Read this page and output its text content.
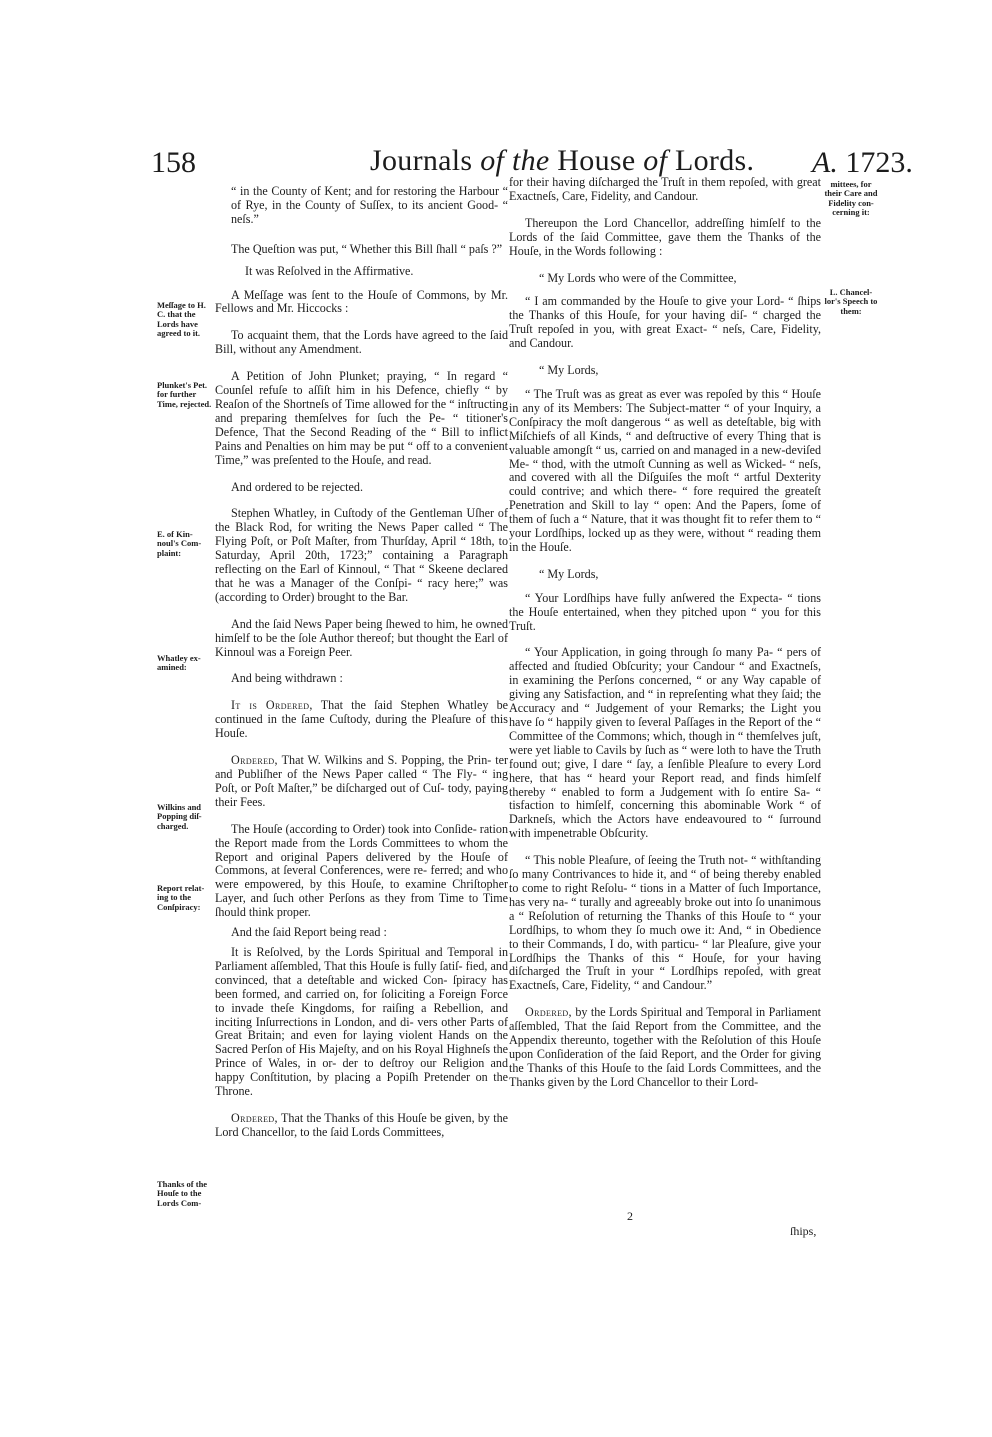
158	Journals of the House of Lords. A. 1723.
Meſſage to H. C. that the Lords have agreed to it.
Plunket's Pet. for further Time, rejected.
E. of Kin- noul's Com- plaint:
Whatley ex- amined:
Wilkins and Popping diſ- charged.
Report relat- ing to the Conſpiracy:
Thanks of the Houſe to the Lords Com-
mittees, for their Care and Fidelity con- cerning it:
L. Chancel- lor's Speech to them:

“ in the County of Kent; and for restoring the Harbour “ of Rye, in the County of Suſſex, to its ancient Good- “ neſs.”

The Queſtion was put, “ Whether this Bill ſhall “ paſs ?”

It was Reſolved in the Affirmative.

A Meſſage was ſent to the Houſe of Commons, by Mr. Fellows and Mr. Hiccocks :

To acquaint them, that the Lords have agreed to the ſaid Bill, without any Amendment.

A Petition of John Plunket; praying, “ In regard “ Counſel refuſe to aſſiſt him in his Defence, chiefly “ by Reaſon of the Shortneſs of Time allowed for the “ inſtructing and preparing themſelves for ſuch the Pe- “ titioner's Defence, That the Second Reading of the “ Bill to inflict Pains and Penalties on him may be put “ off to a convenient Time,” was preſented to the Houſe, and read.

And ordered to be rejected.

Stephen Whatley, in Cuſtody of the Gentleman Uſher of the Black Rod, for writing the News Paper called “ The Flying Poſt, or Poſt Maſter, from Thurſday, April “ 18th, to Saturday, April 20th, 1723;” containing a Paragraph reflecting on the Earl of Kinnoul, “ That “ Skeene declared that he was a Manager of the Conſpi- “ racy here;” was (according to Order) brought to the Bar.

And the ſaid News Paper being ſhewed to him, he owned himſelf to be the ſole Author thereof; but thought the Earl of Kinnoul was a Foreign Peer.

And being withdrawn :

It is Ordered, That the ſaid Stephen Whatley be continued in the ſame Cuſtody, during the Pleaſure of this Houſe.

Ordered, That W. Wilkins and S. Popping, the Prin- ter and Publiſher of the News Paper called “ The Fly- “ ing Poſt, or Poſt Maſter,” be diſcharged out of Cuſ- tody, paying their Fees.

The Houſe (according to Order) took into Conſide- ration the Report made from the Lords Committees to whom the Report and original Papers delivered by the Houſe of Commons, at ſeveral Conferences, were re- ferred; and who were empowered, by this Houſe, to examine Chriſtopher Layer, and ſuch other Perſons as they from Time to Time ſhould think proper.

And the ſaid Report being read :

It is Reſolved, by the Lords Spiritual and Temporal in Parliament aſſembled, That this Houſe is fully ſatiſ- fied, and convinced, that a deteſtable and wicked Con- ſpiracy has been formed, and carried on, for ſoliciting a Foreign Force to invade theſe Kingdoms, for raiſing a Rebellion, and inciting Inſurrections in London, and di- vers other Parts of Great Britain; and even for laying violent Hands on the Sacred Perſon of His Majeſty, and on his Royal Highneſs the Prince of Wales, in or- der to deſtroy our Religion and happy Conſtitution, by placing a Popiſh Pretender on the Throne.

Ordered, That the Thanks of this Houſe be given, by the Lord Chancellor, to the ſaid Lords Committees,

for their having diſcharged the Truſt in them repoſed, with great Exactneſs, Care, Fidelity, and Candour.

Thereupon the Lord Chancellor, addreſſing himſelf to the Lords of the ſaid Committee, gave them the Thanks of the Houſe, in the Words following :

“ My Lords who were of the Committee,

“ I am commanded by the Houſe to give your Lord- “ ſhips the Thanks of this Houſe, for your having diſ- “ charged the Truſt repoſed in you, with great Exact- “ neſs, Care, Fidelity, and Candour.

“ My Lords,

“ The Truſt was as great as ever was repoſed by this “ Houſe in any of its Members: The Subject-matter “ of your Inquiry, a Conſpiracy the moſt dangerous “ as well as deteſtable, big with Miſchiefs of all Kinds, “ and deſtructive of every Thing that is valuable amongſt “ us, carried on and managed in a new-deviſed Me- “ thod, with the utmoſt Cunning as well as Wicked- “ neſs, and covered with all the Diſguiſes the moſt “ artful Dexterity could contrive; and which there- “ fore required the greateſt Penetration and Skill to lay “ open: And the Papers, ſome of them of ſuch a “ Nature, that it was thought fit to refer them to “ your Lordſhips, locked up as they were, without “ reading them in the Houſe.

“ My Lords,

“ Your Lordſhips have fully anſwered the Expecta- “ tions the Houſe entertained, when they pitched upon “ you for this Truſt.

“ Your Application, in going through ſo many Pa- “ pers of affected and ſtudied Obſcurity; your Candour “ and Exactneſs, in examining the Perſons concerned, “ or any Way capable of giving any Satisfaction, and “ in repreſenting what they ſaid; the Accuracy and “ Judgement of your Remarks; the Light you have ſo “ happily given to ſeveral Paſſages in the Report of the “ Committee of the Commons; which, though in “ themſelves juſt, were yet liable to Cavils by ſuch as “ were loth to have the Truth found out; give, I dare “ ſay, a ſenſible Pleaſure to every Lord here, that has “ heard your Report read, and finds himſelf thereby “ enabled to form a Judgement with ſo entire Sa- “ tisfaction to himſelf, concerning this abominable Work “ of Darkneſs, which the Actors have endeavoured to “ ſurround with impenetrable Obſcurity.

“ This noble Pleaſure, of ſeeing the Truth not- “ withſtanding ſo many Contrivances to hide it, and “ of being thereby enabled to come to right Reſolu- “ tions in a Matter of ſuch Importance, has very na- “ turally and agreeably broke out into ſo unanimous a “ Reſolution of returning the Thanks of this Houſe to “ your Lordſhips, to whom they ſo much owe it: And, “ in Obedience to their Commands, I do, with particu- “ lar Pleaſure, give your Lordſhips the Thanks of this “ Houſe, for your having diſcharged the Truſt in your “ Lordſhips repoſed, with great Exactneſs, Care, Fidelity, “ and Candour.”

Ordered, by the Lords Spiritual and Temporal in Parliament aſſembled, That the ſaid Report from the Committee, and the Appendix thereunto, together with the Reſolution of this Houſe upon Conſideration of the ſaid Report, and the Order for giving the Thanks of this Houſe to the ſaid Lords Committees, and the Thanks given by the Lord Chancellor to their Lord-

2
ſhips,
